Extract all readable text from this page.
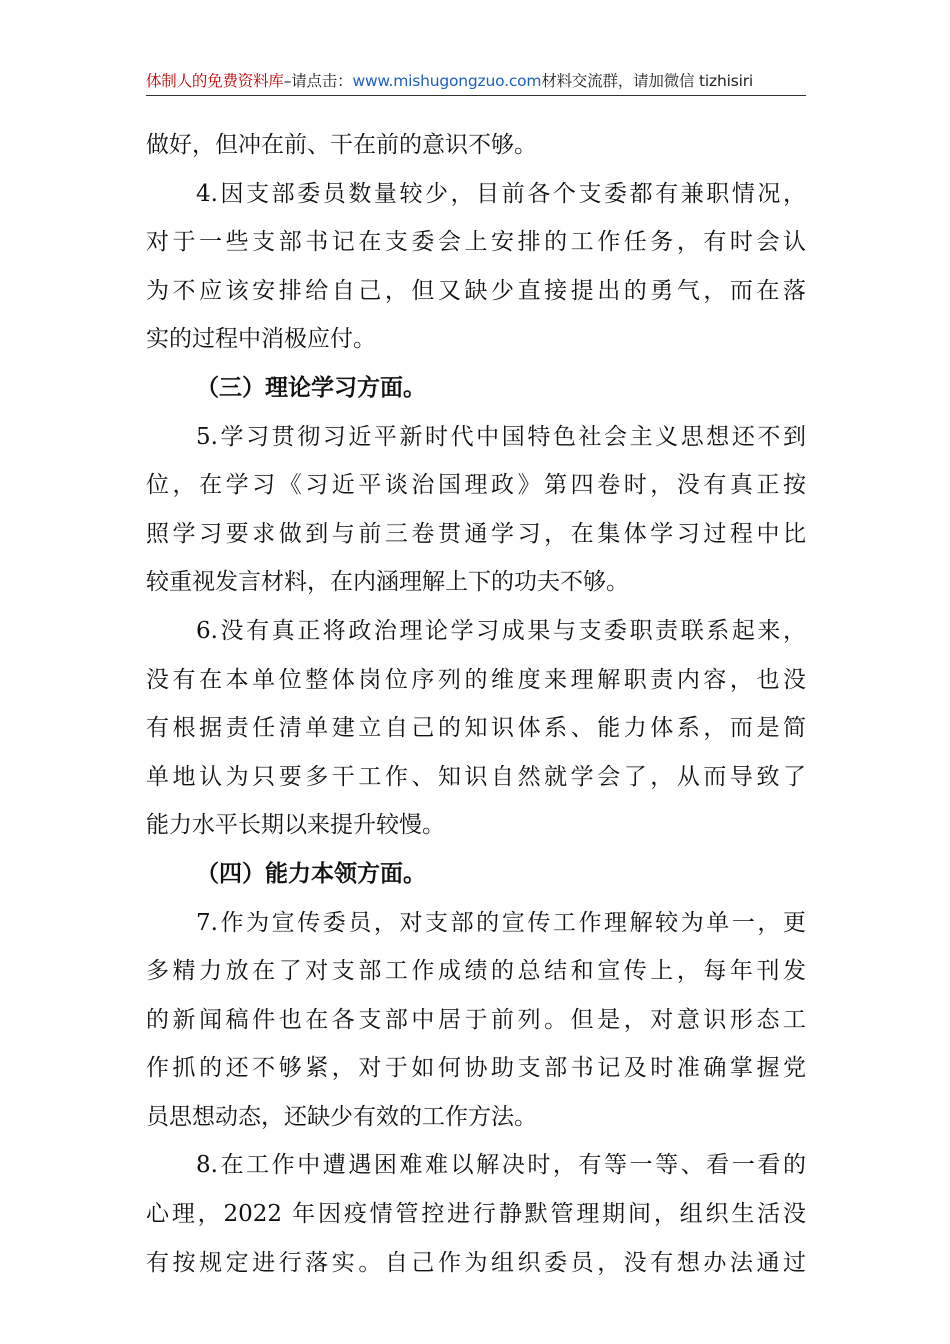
体制人的免费资料库–请点击：www.mishugongzuo.com材料交流群，请加微信 tizhisiri
做好，但冲在前、干在前的意识不够。
4.因支部委员数量较少，目前各个支委都有兼职情况，
对于一些支部书记在支委会上安排的工作任务，有时会认
为不应该安排给自己，但又缺少直接提出的勇气，而在落
实的过程中消极应付。
（三）理论学习方面。
5.学习贯彻习近平新时代中国特色社会主义思想还不到
位，在学习《习近平谈治国理政》第四卷时，没有真正按
照学习要求做到与前三卷贯通学习，在集体学习过程中比
较重视发言材料，在内涵理解上下的功夫不够。
6.没有真正将政治理论学习成果与支委职责联系起来，
没有在本单位整体岗位序列的维度来理解职责内容，也没
有根据责任清单建立自己的知识体系、能力体系，而是简
单地认为只要多干工作、知识自然就学会了，从而导致了
能力水平长期以来提升较慢。
（四）能力本领方面。
7.作为宣传委员，对支部的宣传工作理解较为单一，更
多精力放在了对支部工作成绩的总结和宣传上，每年刊发
的新闻稿件也在各支部中居于前列。但是，对意识形态工
作抓的还不够紧，对于如何协助支部书记及时准确掌握党
员思想动态，还缺少有效的工作方法。
8.在工作中遭遇困难难以解决时，有等一等、看一看的
心理，2022 年因疫情管控进行静默管理期间，组织生活没
有按规定进行落实。自己作为组织委员，没有想办法通过
